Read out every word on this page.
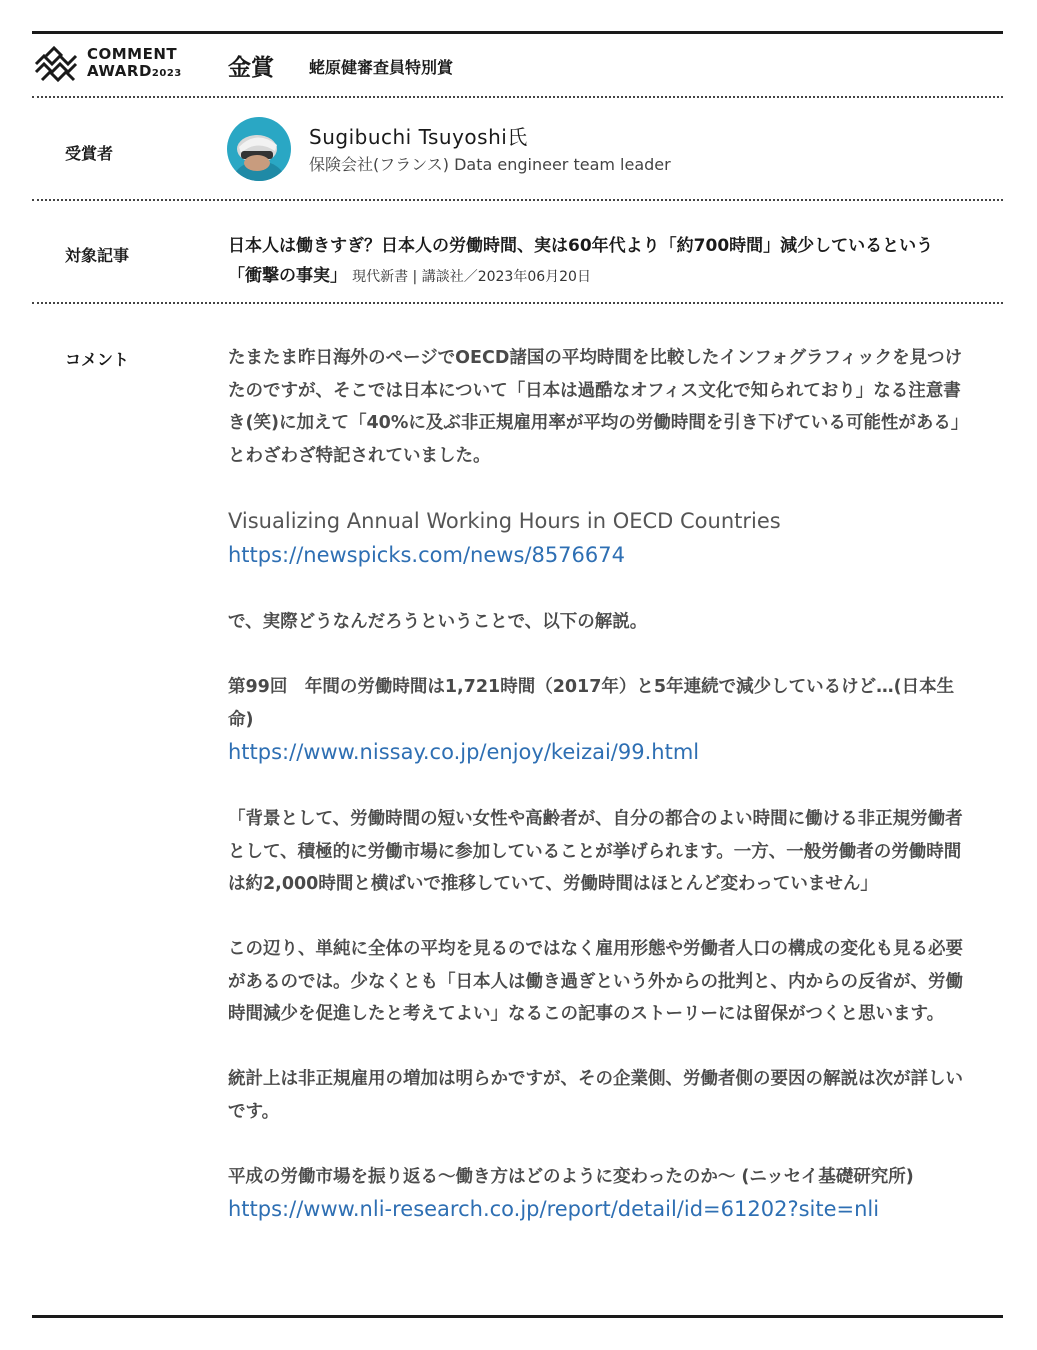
COMMENT
AWARD2023 金賞 蛯原健審査員特別賞
受賞者
Sugibuchi Tsuyoshi氏
保険会社(フランス) Data engineer team leader
対象記事	日本人は働きすぎ？日本人の労働時間、実は60年代より「約700時間」減少しているという
「衝撃の事実」 現代新書 | 講談社／2023年06月20日
コメント	たまたま昨日海外のページでOECD諸国の平均時間を比較したインフォグラフィックを見つけたのですが、そこでは日本について「日本は過酷なオフィス文化で知られており」なる注意書き(笑)に加えて「40%に及ぶ非正規雇用率が平均の労働時間を引き下げている可能性がある」とわざわざ特記されていました。

Visualizing Annual Working Hours in OECD Countries
https://newspicks.com/news/8576674

で、実際どうなんだろうということで、以下の解説。

第99回　年間の労働時間は1,721時間（2017年）と5年連続で減少しているけど…(日本生命)
https://www.nissay.co.jp/enjoy/keizai/99.html

「背景として、労働時間の短い女性や高齢者が、自分の都合のよい時間に働ける非正規労働者として、積極的に労働市場に参加していることが挙げられます。一方、一般労働者の労働時間は約2,000時間と横ばいで推移していて、労働時間はほとんど変わっていません」

この辺り、単純に全体の平均を見るのではなく雇用形態や労働者人口の構成の変化も見る必要があるのでは。少なくとも「日本人は働き過ぎという外からの批判と、内からの反省が、労働時間減少を促進したと考えてよい」なるこの記事のストーリーには留保がつくと思います。

統計上は非正規雇用の増加は明らかですが、その企業側、労働者側の要因の解説は次が詳しいです。

平成の労働市場を振り返る～働き方はどのように変わったのか～ (ニッセイ基礎研究所)
https://www.nli-research.co.jp/report/detail/id=61202?site=nli
